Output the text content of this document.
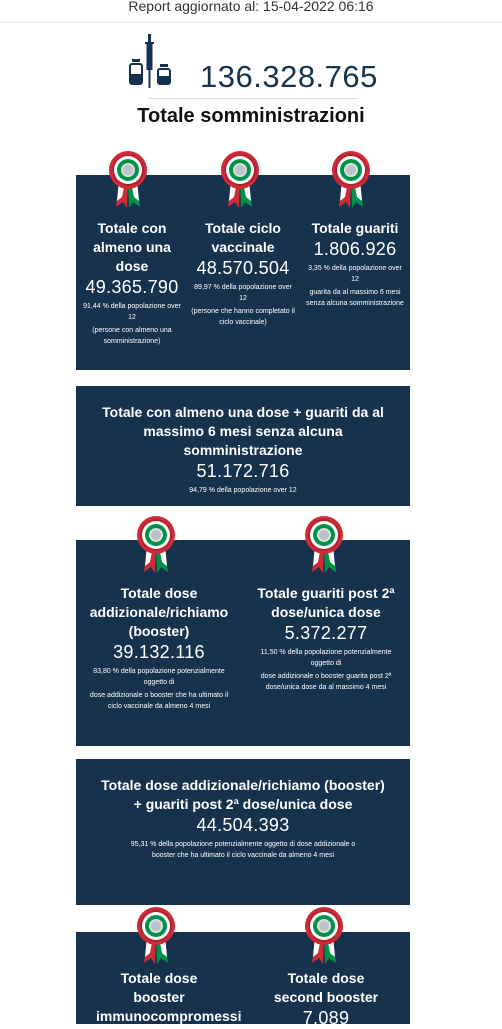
Report aggiornato al: 15-04-2022 06:16
136.328.765
Totale somministrazioni
Totale con almeno una dose
49.365.790
91,44 % della popolazione over 12
(persone con almeno una somministrazione)
Totale ciclo vaccinale
48.570.504
89,97 % della popolazione over 12
(persone che hanno completato il ciclo vaccinale)
Totale guariti
1.806.926
3,35 % della popolazione over 12
guarita da al massimo 6 mesi senza alcuna somministrazione
Totale con almeno una dose + guariti da al massimo 6 mesi senza alcuna somministrazione
51.172.716
94,79 % della popolazione over 12
Totale dose addizionale/richiamo (booster)
39.132.116
83,80 % della popolazione potenzialmente oggetto di
dose addizionale o booster che ha ultimato il ciclo vaccinale da almeno 4 mesi
Totale guariti post 2ª dose/unica dose
5.372.277
11,50 % della popolazione potenzialmente oggetto di
dose addizionale o booster guarita post 2ª dose/unica dose da al massimo 4 mesi
Totale dose addizionale/richiamo (booster) + guariti post 2ª dose/unica dose
44.504.393
95,31 % della popolazione potenzialmente oggetto di dose addizionale o booster che ha ultimato il ciclo vaccinale da almeno 4 mesi
Totale dose booster immunocompromessi
Totale dose second booster
7.089
